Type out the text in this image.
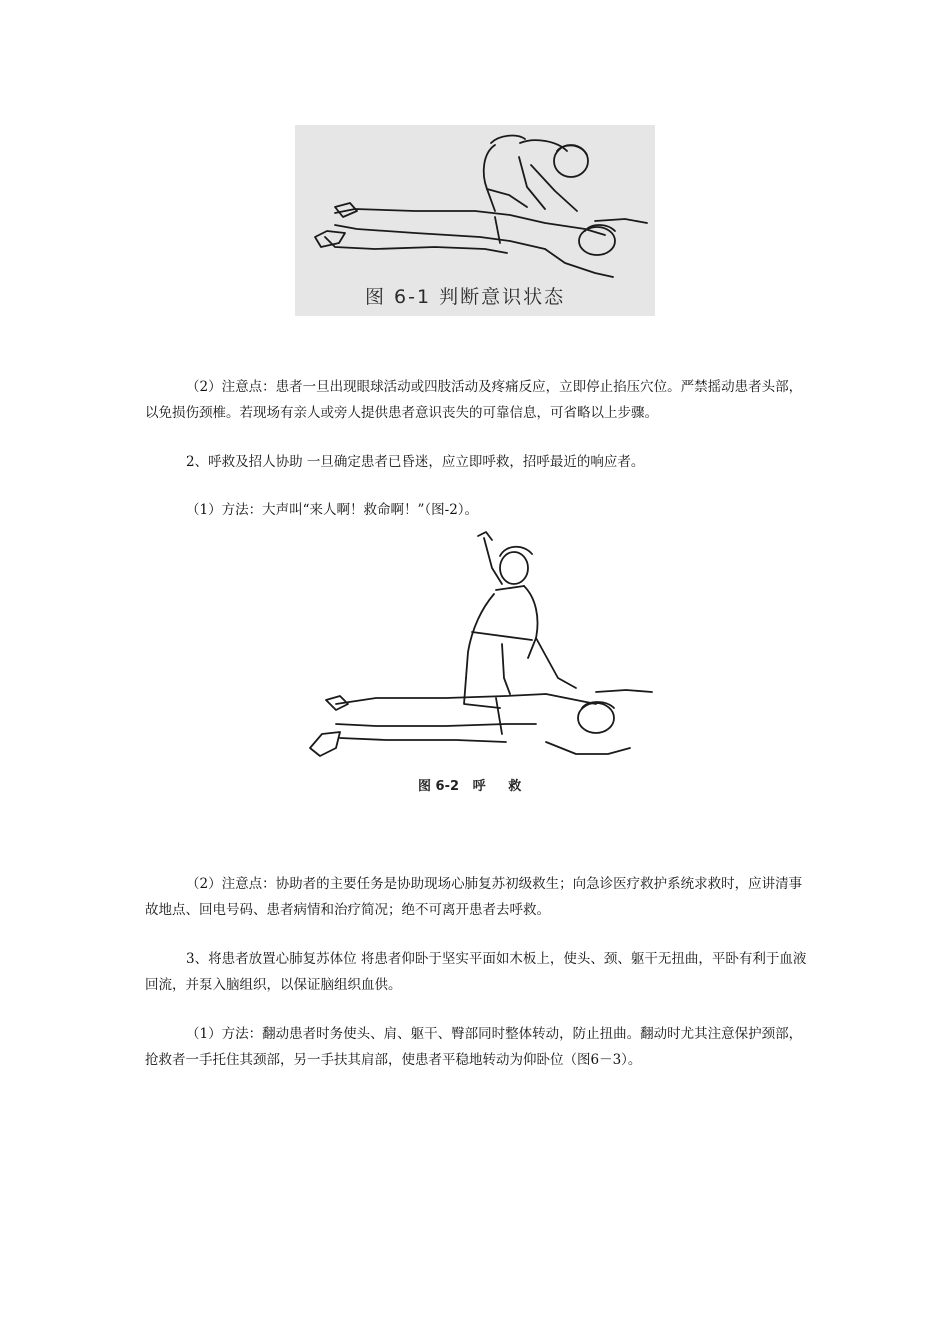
图 6-1 判断意识状态

（2）注意点：患者一旦出现眼球活动或四肢活动及疼痛反应，立即停止掐压穴位。严禁摇动患者头部，以免损伤颈椎。若现场有亲人或旁人提供患者意识丧失的可靠信息，可省略以上步骤。

2、呼救及招人协助 一旦确定患者已昏迷，应立即呼救，招呼最近的响应者。

（1）方法：大声叫“来人啊！救命啊！”（图-2）。

图 6-2   呼     救

（2）注意点：协助者的主要任务是协助现场心肺复苏初级救生；向急诊医疗救护系统求救时，应讲清事故地点、回电号码、患者病情和治疗简况；绝不可离开患者去呼救。

3、将患者放置心肺复苏体位 将患者仰卧于坚实平面如木板上，使头、颈、躯干无扭曲，平卧有利于血液回流，并泵入脑组织，以保证脑组织血供。

（1）方法：翻动患者时务使头、肩、躯干、臀部同时整体转动，防止扭曲。翻动时尤其注意保护颈部，抢救者一手托住其颈部，另一手扶其肩部，使患者平稳地转动为仰卧位（图6－3）。
